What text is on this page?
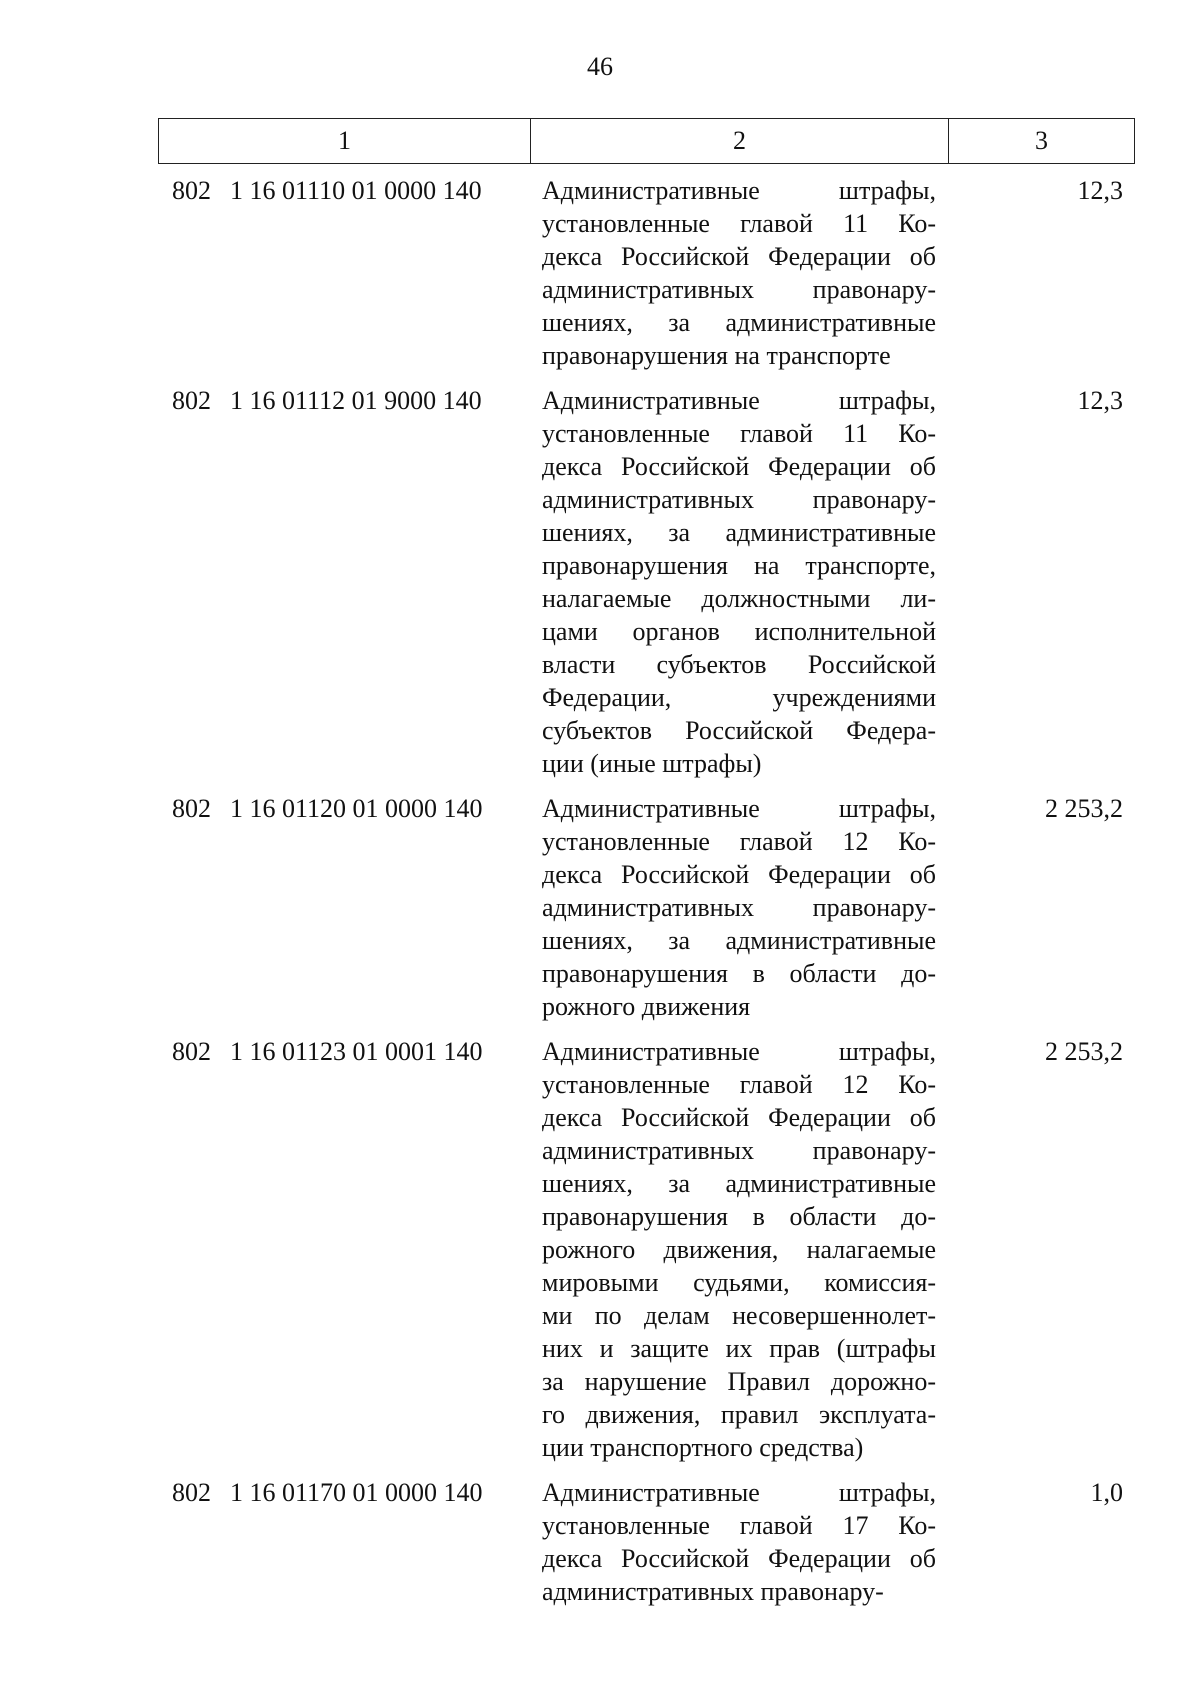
46
1	2	3
802 1 16 01110 01 0000 140	Административные штрафы,
установленные главой 11 Ко-
декса Российской Федерации об
административных правонару-
шениях, за административные
правонарушения на транспорте
12,3
802 1 16 01112 01 9000 140	Административные штрафы,
установленные главой 11 Ко-
декса Российской Федерации об
административных правонару-
шениях, за административные
правонарушения на транспорте,
налагаемые должностными ли-
цами органов исполнительной
власти субъектов Российской
Федерации, учреждениями
субъектов Российской Федера-
ции (иные штрафы)
12,3
802 1 16 01120 01 0000 140	Административные штрафы,
установленные главой 12 Ко-
декса Российской Федерации об
административных правонару-
шениях, за административные
правонарушения в области до-
рожного движения
2 253,2
802 1 16 01123 01 0001 140	Административные штрафы,
установленные главой 12 Ко-
декса Российской Федерации об
административных правонару-
шениях, за административные
правонарушения в области до-
рожного движения, налагаемые
мировыми судьями, комиссия-
ми по делам несовершеннолет-
них и защите их прав (штрафы
за нарушение Правил дорожно-
го движения, правил эксплуата-
ции транспортного средства)
2 253,2
802 1 16 01170 01 0000 140	Административные штрафы,
установленные главой 17 Ко-
декса Российской Федерации об
административных правонару-
1,0
